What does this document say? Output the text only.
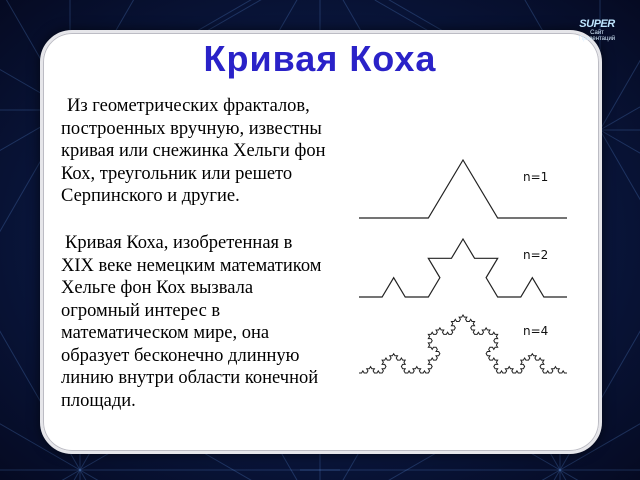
SUPER
Сайт Презентаций
Кривая Коха
Из геометрических фракталов,
построенных вручную, известны
кривая или снежинка Хельги фон
Кох, треугольник или решето
Серпинского и другие.
Кривая Коха, изобретенная в
XIX веке немецким математиком
Хельге фон Кох вызвала
огромный интерес в
математическом мире, она
образует бесконечно длинную
линию внутри области конечной
площади.
n=1
n=2
n=4
